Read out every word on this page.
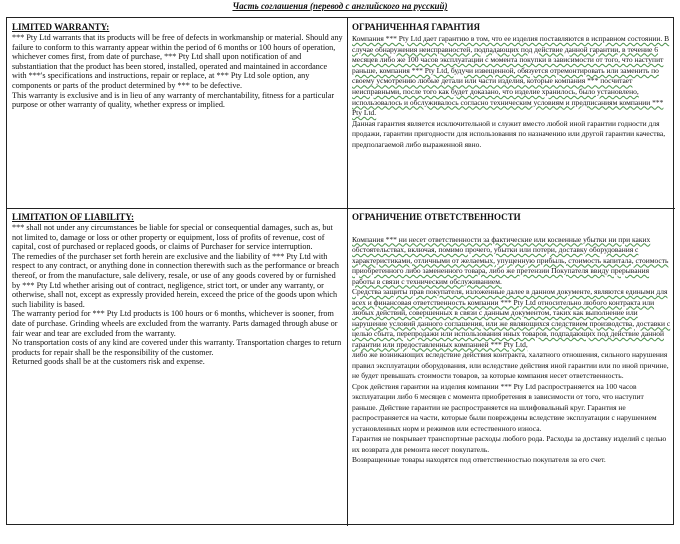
Часть соглашения (перевод с английского на русский)
LIMITED WARRANTY:
*** Pty Ltd warrants that its products will be free of defects in workmanship or material. Should any failure to conform to this warranty appear within the period of 6 months or 100 hours of operation, whichever comes first, from date of purchase, *** Pty Ltd shall upon notification of and substantiation that the product has been stored, installed, operated and maintained in accordance with ***'s specifications and instructions, repair or replace, at *** Pty Ltd sole option, any components or parts of the product determined by *** to be defective.
This warranty is exclusive and is in lieu of any warranty of merchantability, fitness for a particular purpose or other warranty of quality, whether express or implied.
ОГРАНИЧЕННАЯ ГАРАНТИЯ
Компания *** Pty Ltd дает гарантию в том, что ее изделия поставляются в исправном состоянии. В случае обнаружения неисправностей, подпадающих под действие данной гарантии, в течение 6 месяцев либо же 100 часов эксплуатации с момента покупки в зависимости от того, что наступит раньше, компания *** Pty Ltd, будучи извещенной, обязуется отремонтировать или заменить по своему усмотрению любые детали или части изделия, которые компания *** посчитает неисправными, после того как будет доказано, что изделие хранилось, было установлено, использовалось и обслуживалось согласно техническим условиям и предписаниям компании *** Pty Ltd.
Данная гарантия является исключительной и служит вместо любой иной гарантии годности для продажи, гарантии пригодности для использования по назначению или другой гарантии качества, предполагаемой либо выраженной явно.
LIMITATION OF LIABILITY:
*** shall not under any circumstances be liable for special or consequential damages, such as, but not limited to, damage or loss or other property or equipment, loss of profits of revenue, cost of capital, cost of purchased or replaced goods, or claims of Purchaser for service interruption.
The remedies of the purchaser set forth herein are exclusive and the liability of *** Pty Ltd with respect to any contract, or anything done in connection therewith such as the performance or breach thereof, or from the manufacture, sale delivery, resale, or use of any goods covered by or furnished by *** Pty Ltd whether arising out of contract, negligence, strict tort, or under any warranty, or otherwise, shall not, except as expressly provided herein, exceed the price of the goods upon which such liability is based.
The warranty period for *** Pty Ltd products is 100 hours or 6 months, whichever is sooner, from date of purchase. Grinding wheels are excluded from the warranty. Parts damaged through abuse or fair wear and tear are excluded from the warranty.
No transportation costs of any kind are covered under this warranty. Transportation charges to return products for repair shall be the responsibility of the customer.
Returned goods shall be at the customers risk and expense.
ОГРАНИЧЕНИЕ ОТВЕТСТВЕННОСТИ

Компания *** ни несет ответственности за фактические или косвенные убытки ни при каких обстоятельствах, включая, помимо прочего, убытки или потери, доставку оборудования с характеристиками, отличными от желаемых, упущенную прибыль, стоимость капитала, стоимость приобретенного либо замененного товара, либо же претензии Покупателя ввиду прерывания работы в связи с техническим обслуживанием.
Средства защиты прав покупателя, изложенные далее в данном документе, являются едиными для всех и финансовая ответственность компании *** Pty Ltd относительно любого контракта или любых действий, совершенных в связи с данным документом, таких как выполнение или нарушение условий данного соглашения, или же являющихся следствием производства, доставки с целью сбыта, перепродажи или использования иных товаров, подпадающих под действие данной гарантии или предоставленных компанией *** Pty Ltd,
либо же возникающих вследствие действия контракта, халатного отношения, сильного нарушения правил эксплуатации оборудования, или вследствие действия иной гарантии или по иной причине, не будет превышать стоимости товаров, за которые компания несет ответственность.
Срок действия гарантии на изделия компании *** Pty Ltd распространяется на 100 часов эксплуатации либо 6 месяцев с момента приобретения в зависимости от того, что наступит раньше. Действие гарантии не распространяется на шлифовальный круг. Гарантия не распространяется на части, которые были повреждены вследствие эксплуатации с нарушением установленных норм и режимов или естественного износа.
Гарантия не покрывает транспортные расходы любого рода. Расходы за доставку изделий с целью их возврата для ремонта несет покупатель.
Возвращенные товары находятся под ответственностью покупателя за его счет.
